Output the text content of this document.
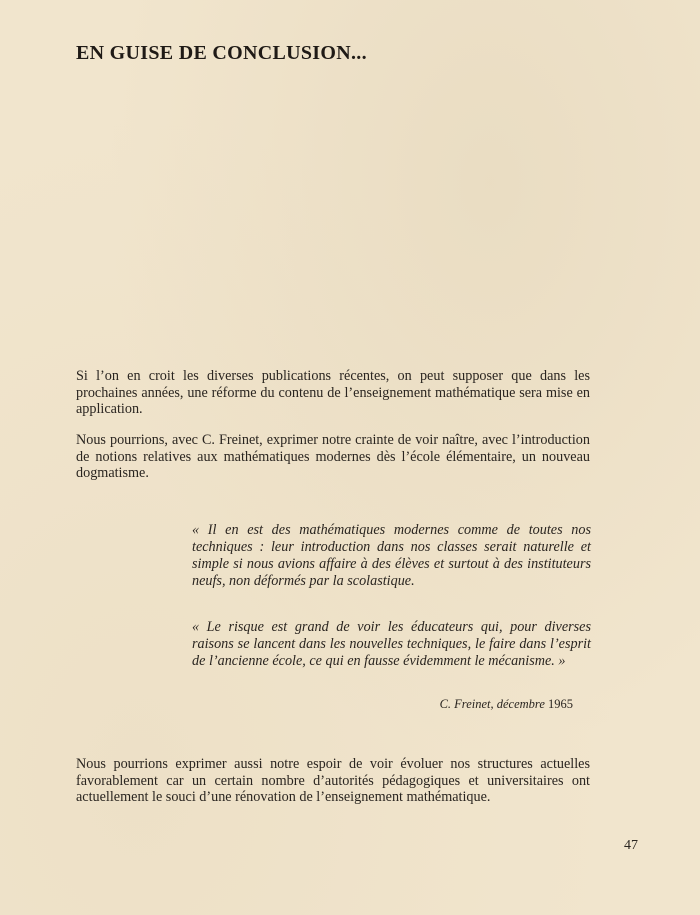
EN GUISE DE CONCLUSION...

Si l’on en croit les diverses publications récentes, on peut supposer que dans les prochaines années, une réforme du contenu de l’enseignement mathématique sera mise en application.

Nous pourrions, avec C. Freinet, exprimer notre crainte de voir naître, avec l’introduction de notions relatives aux mathématiques modernes dès l’école élémentaire, un nouveau dogmatisme.

« Il en est des mathématiques modernes comme de toutes nos techniques : leur introduction dans nos classes serait naturelle et simple si nous avions affaire à des élèves et surtout à des instituteurs neufs, non déformés par la scolastique.

« Le risque est grand de voir les éducateurs qui, pour diverses raisons se lancent dans les nouvelles techniques, le faire dans l’esprit de l’ancienne école, ce qui en fausse évidemment le mécanisme. »

C. Freinet, décembre 1965

Nous pourrions exprimer aussi notre espoir de voir évoluer nos structures actuelles favorablement car un certain nombre d’autorités pédagogiques et universitaires ont actuellement le souci d’une rénovation de l’enseignement mathématique.

47
